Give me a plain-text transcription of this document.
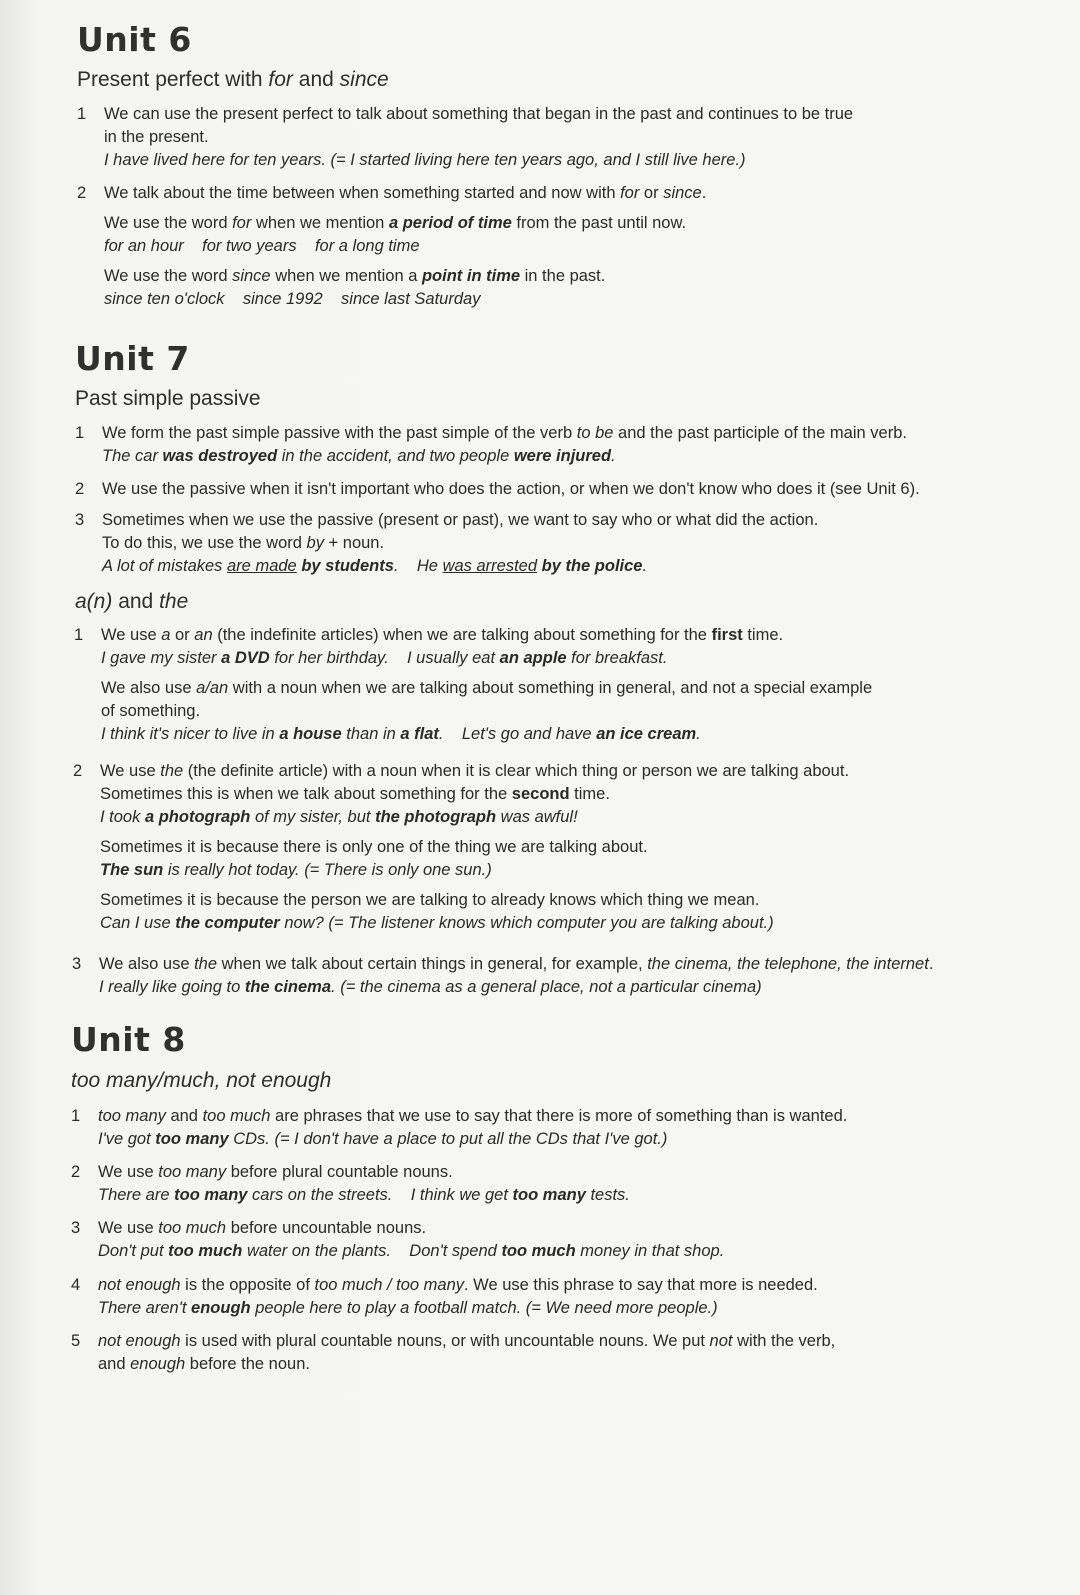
Unit 6
Present perfect with for and since
1 We can use the present perfect to talk about something that began in the past and continues to be true
in the present.
I have lived here for ten years. (= I started living here ten years ago, and I still live here.)
2 We talk about the time between when something started and now with for or since.
We use the word for when we mention a period of time from the past until now.
for an hour for two years for a long time
We use the word since when we mention a point in time in the past.
since ten o'clock since 1992 since last Saturday
Unit 7
Past simple passive
1 We form the past simple passive with the past simple of the verb to be and the past participle of the main verb.
The car was destroyed in the accident, and two people were injured.
2 We use the passive when it isn't important who does the action, or when we don't know who does it (see Unit 6).
3 Sometimes when we use the passive (present or past), we want to say who or what did the action.
To do this, we use the word by + noun.
A lot of mistakes are made by students. He was arrested by the police.
a(n) and the
1 We use a or an (the indefinite articles) when we are talking about something for the first time.
I gave my sister a DVD for her birthday. I usually eat an apple for breakfast.
We also use a/an with a noun when we are talking about something in general, and not a special example
of something.
I think it's nicer to live in a house than in a flat. Let's go and have an ice cream.
2 We use the (the definite article) with a noun when it is clear which thing or person we are talking about.
Sometimes this is when we talk about something for the second time.
I took a photograph of my sister, but the photograph was awful!
Sometimes it is because there is only one of the thing we are talking about.
The sun is really hot today. (= There is only one sun.)
Sometimes it is because the person we are talking to already knows which thing we mean.
Can I use the computer now? (= The listener knows which computer you are talking about.)
3 We also use the when we talk about certain things in general, for example, the cinema, the telephone, the internet.
I really like going to the cinema. (= the cinema as a general place, not a particular cinema)
Unit 8
too many/much, not enough
1 too many and too much are phrases that we use to say that there is more of something than is wanted.
I've got too many CDs. (= I don't have a place to put all the CDs that I've got.)
2 We use too many before plural countable nouns.
There are too many cars on the streets. I think we get too many tests.
3 We use too much before uncountable nouns.
Don't put too much water on the plants. Don't spend too much money in that shop.
4 not enough is the opposite of too much / too many. We use this phrase to say that more is needed.
There aren't enough people here to play a football match. (= We need more people.)
5 not enough is used with plural countable nouns, or with uncountable nouns. We put not with the verb,
and enough before the noun.
